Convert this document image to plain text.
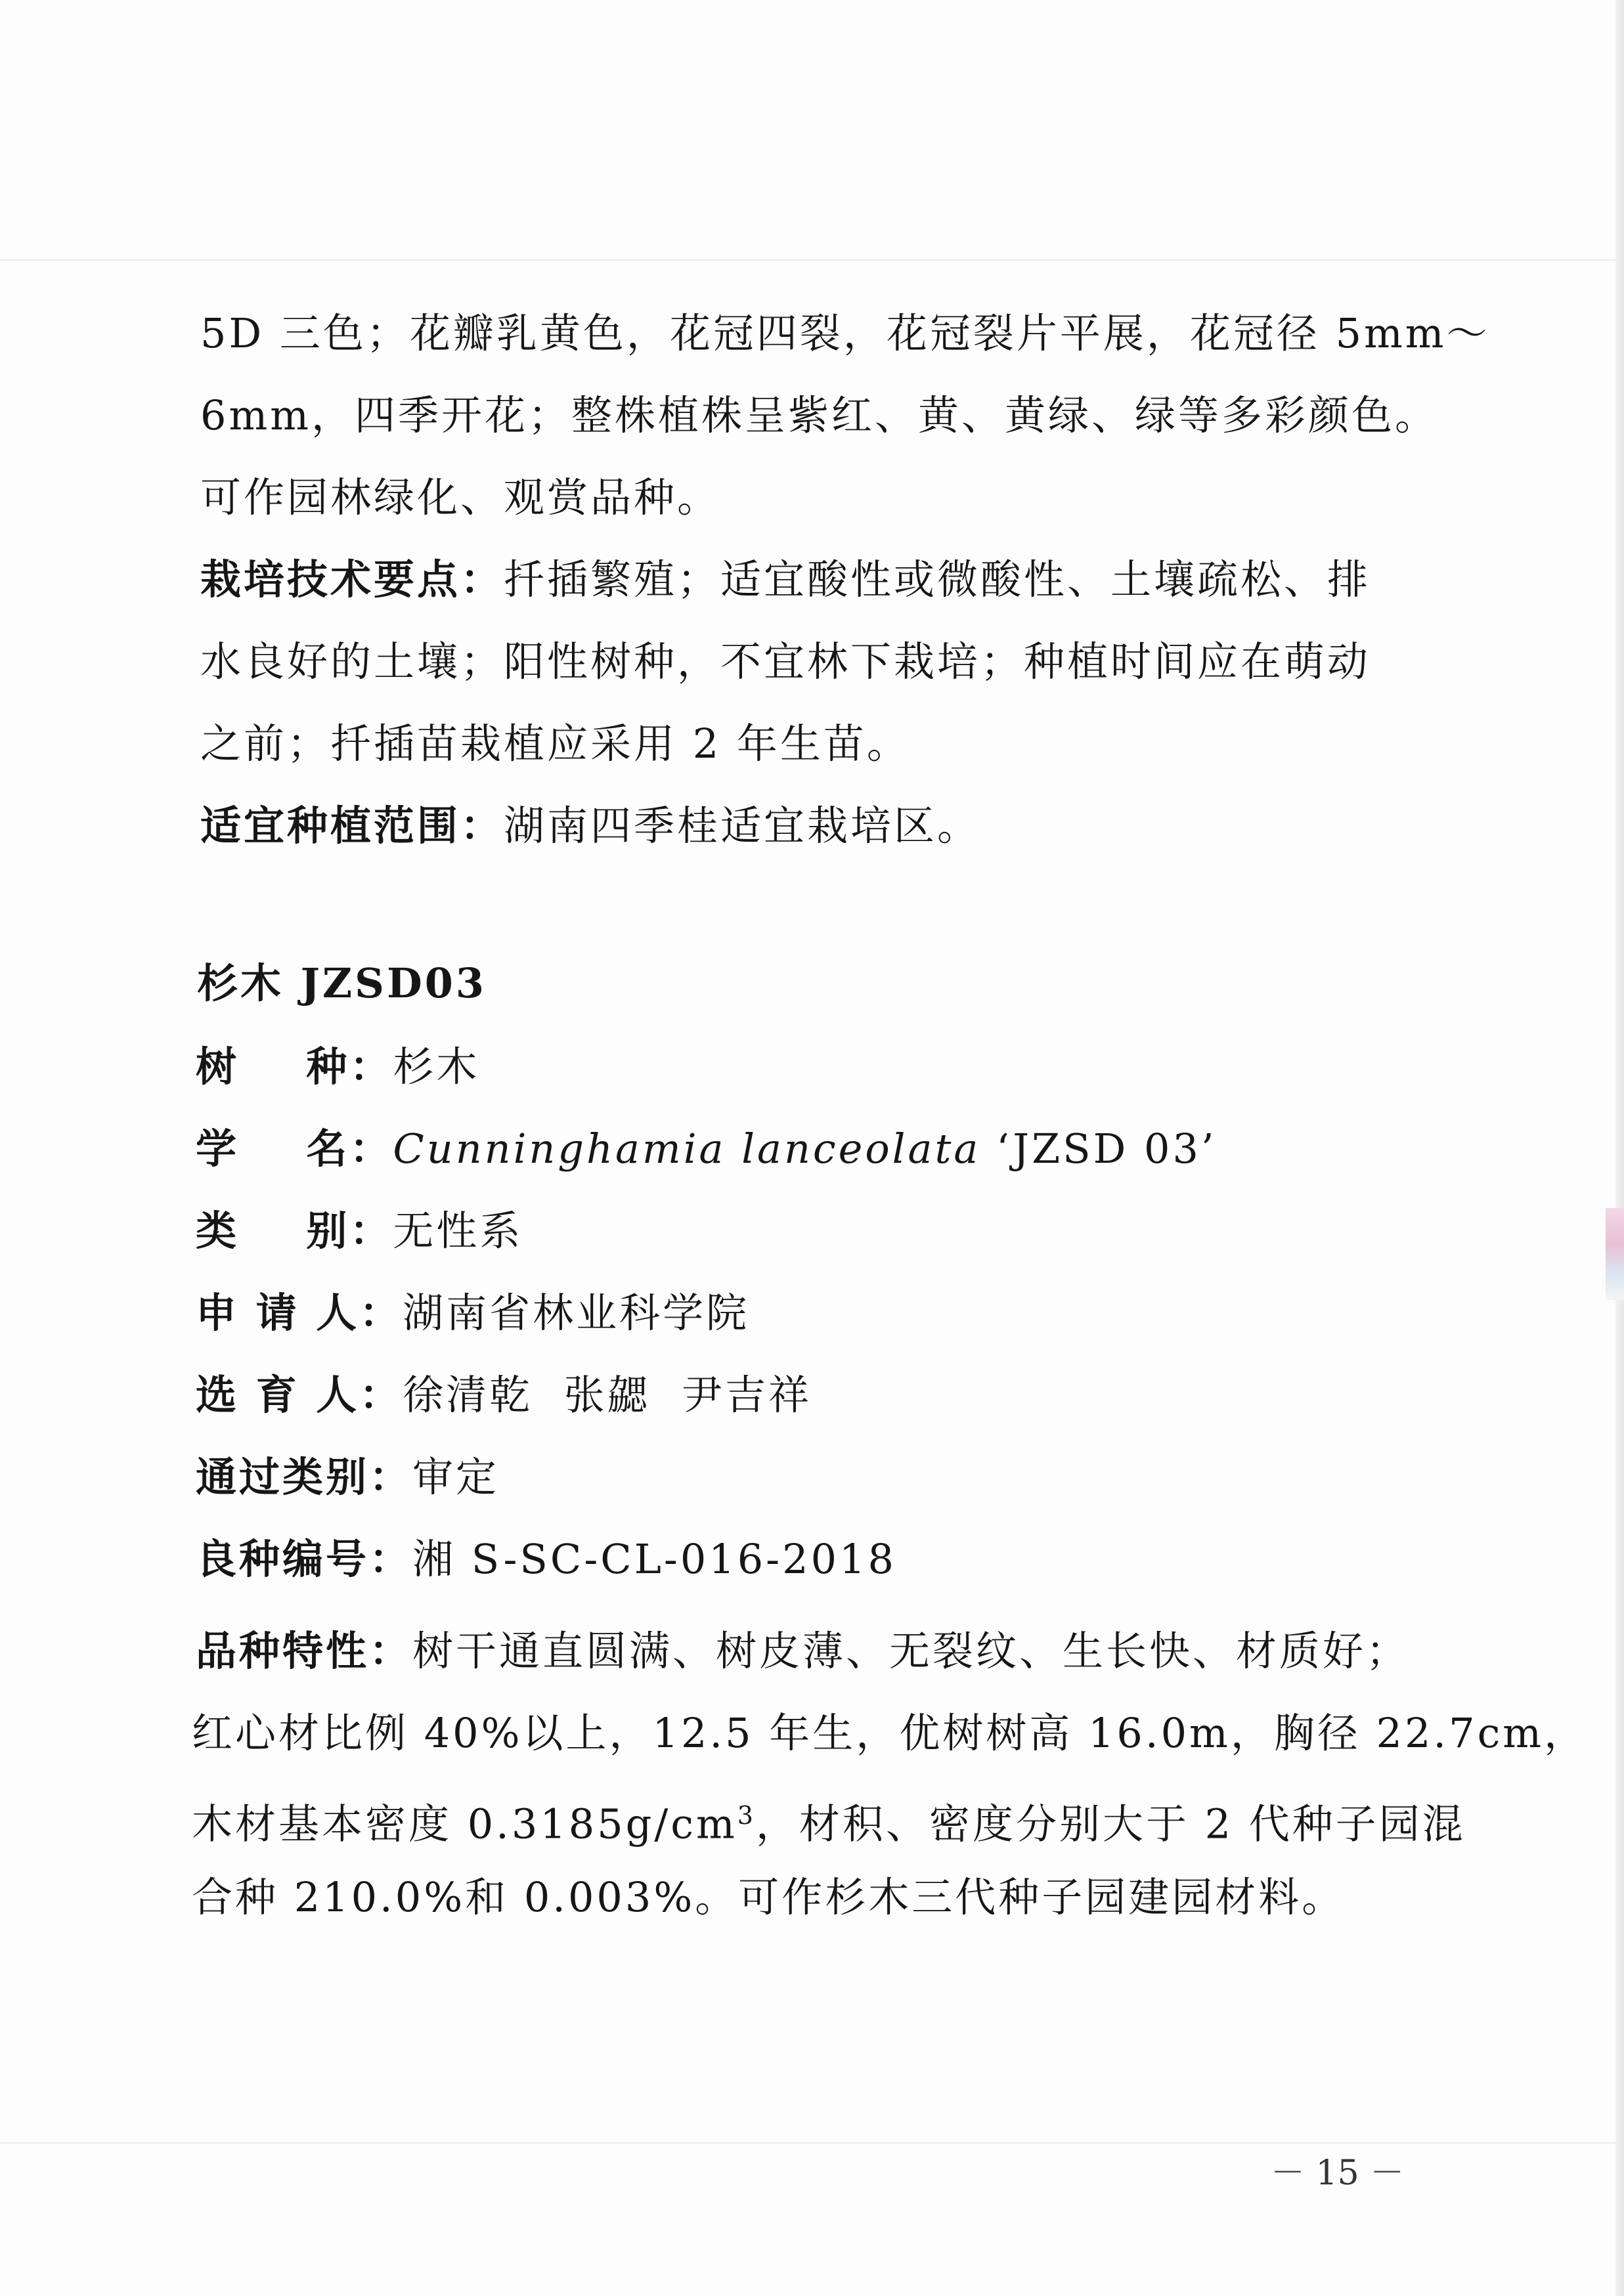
5D 三色；花瓣乳黄色，花冠四裂，花冠裂片平展，花冠径 5mm～
6mm，四季开花；整株植株呈紫红、黄、黄绿、绿等多彩颜色。
可作园林绿化、观赏品种。
栽培技术要点：扦插繁殖；适宜酸性或微酸性、土壤疏松、排
水良好的土壤；阳性树种，不宜林下栽培；种植时间应在萌动
之前；扦插苗栽植应采用 2 年生苗。
适宜种植范围：湖南四季桂适宜栽培区。
杉木 JZSD03
树    种：杉木
学    名：Cunninghamia lanceolata ‘JZSD 03’
类    别：无性系
申 请 人：湖南省林业科学院
选 育 人：徐清乾  张勰  尹吉祥
通过类别：审定
良种编号：湘 S-SC-CL-016-2018
品种特性：树干通直圆满、树皮薄、无裂纹、生长快、材质好；
红心材比例 40%以上，12.5 年生，优树树高 16.0m，胸径 22.7cm，
木材基本密度 $0.3185g/cm^3$，材积、密度分别大于 2 代种子园混
合种 210.0%和 0.003%。可作杉木三代种子园建园材料。
－ 15 －
